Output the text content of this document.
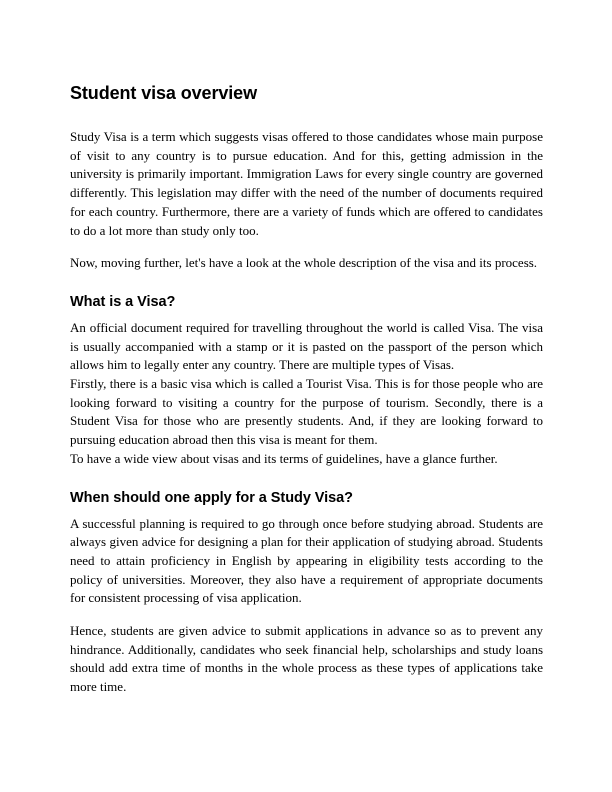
Student visa overview

Study Visa is a term which suggests visas offered to those candidates whose main purpose of visit to any country is to pursue education. And for this, getting admission in the university is primarily important. Immigration Laws for every single country are governed differently. This legislation may differ with the need of the number of documents required for each country. Furthermore, there are a variety of funds which are offered to candidates to do a lot more than study only too.

Now, moving further, let's have a look at the whole description of the visa and its process.

What is a Visa?

An official document required for travelling throughout the world is called Visa. The visa is usually accompanied with a stamp or it is pasted on the passport of the person which allows him to legally enter any country. There are multiple types of Visas.

Firstly, there is a basic visa which is called a Tourist Visa. This is for those people who are looking forward to visiting a country for the purpose of tourism. Secondly, there is a Student Visa for those who are presently students. And, if they are looking forward to pursuing education abroad then this visa is meant for them.

To have a wide view about visas and its terms of guidelines, have a glance further.

When should one apply for a Study Visa?

A successful planning is required to go through once before studying abroad. Students are always given advice for designing a plan for their application of studying abroad. Students need to attain proficiency in English by appearing in eligibility tests according to the policy of universities. Moreover, they also have a requirement of appropriate documents for consistent processing of visa application.

Hence, students are given advice to submit applications in advance so as to prevent any hindrance. Additionally, candidates who seek financial help, scholarships and study loans should add extra time of months in the whole process as these types of applications take more time.
